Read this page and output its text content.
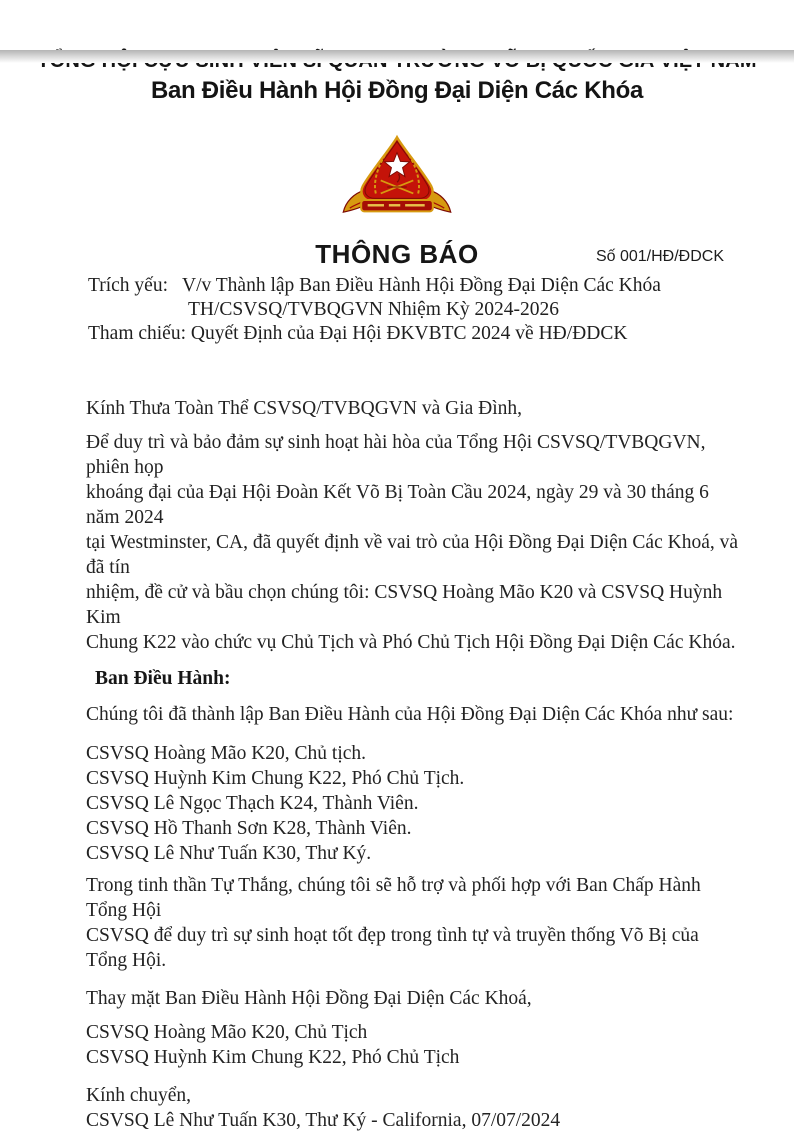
Ban Điều Hành Hội Đồng Đại Diện Các Khóa
THÔNG BÁO	Số 001/HĐ/ĐDCK
Trích yếu: V/v Thành lập Ban Điều Hành Hội Đồng Đại Diện Các Khóa
TH/CSVSQ/TVBQGVN Nhiệm Kỳ 2024-2026
Tham chiếu: Quyết Định của Đại Hội ĐKVBTC 2024 về HĐ/ĐDCK
Kính Thưa Toàn Thể CSVSQ/TVBQGVN và Gia Đình,
Để duy trì và bảo đảm sự sinh hoạt hài hòa của Tổng Hội CSVSQ/TVBQGVN, phiên họp
khoáng đại của Đại Hội Đoàn Kết Võ Bị Toàn Cầu 2024, ngày 29 và 30 tháng 6 năm 2024
tại Westminster, CA, đã quyết định về vai trò của Hội Đồng Đại Diện Các Khoá, và đã tín
nhiệm, đề cử và bầu chọn chúng tôi: CSVSQ Hoàng Mão K20 và CSVSQ Huỳnh Kim
Chung K22 vào chức vụ Chủ Tịch và Phó Chủ Tịch Hội Đồng Đại Diện Các Khóa.
Ban Điều Hành:
Chúng tôi đã thành lập Ban Điều Hành của Hội Đồng Đại Diện Các Khóa như sau:
CSVSQ Hoàng Mão K20, Chủ tịch.
CSVSQ Huỳnh Kim Chung K22, Phó Chủ Tịch.
CSVSQ Lê Ngọc Thạch K24, Thành Viên.
CSVSQ Hồ Thanh Sơn K28, Thành Viên.
CSVSQ Lê Như Tuấn K30, Thư Ký.
Trong tinh thần Tự Thắng, chúng tôi sẽ hỗ trợ và phối hợp với Ban Chấp Hành Tổng Hội
CSVSQ để duy trì sự sinh hoạt tốt đẹp trong tình tự và truyền thống Võ Bị của Tổng Hội.
Thay mặt Ban Điều Hành Hội Đồng Đại Diện Các Khoá,
CSVSQ Hoàng Mão K20, Chủ Tịch
CSVSQ Huỳnh Kim Chung K22, Phó Chủ Tịch
Kính chuyển,
CSVSQ Lê Như Tuấn K30, Thư Ký - California, 07/07/2024
